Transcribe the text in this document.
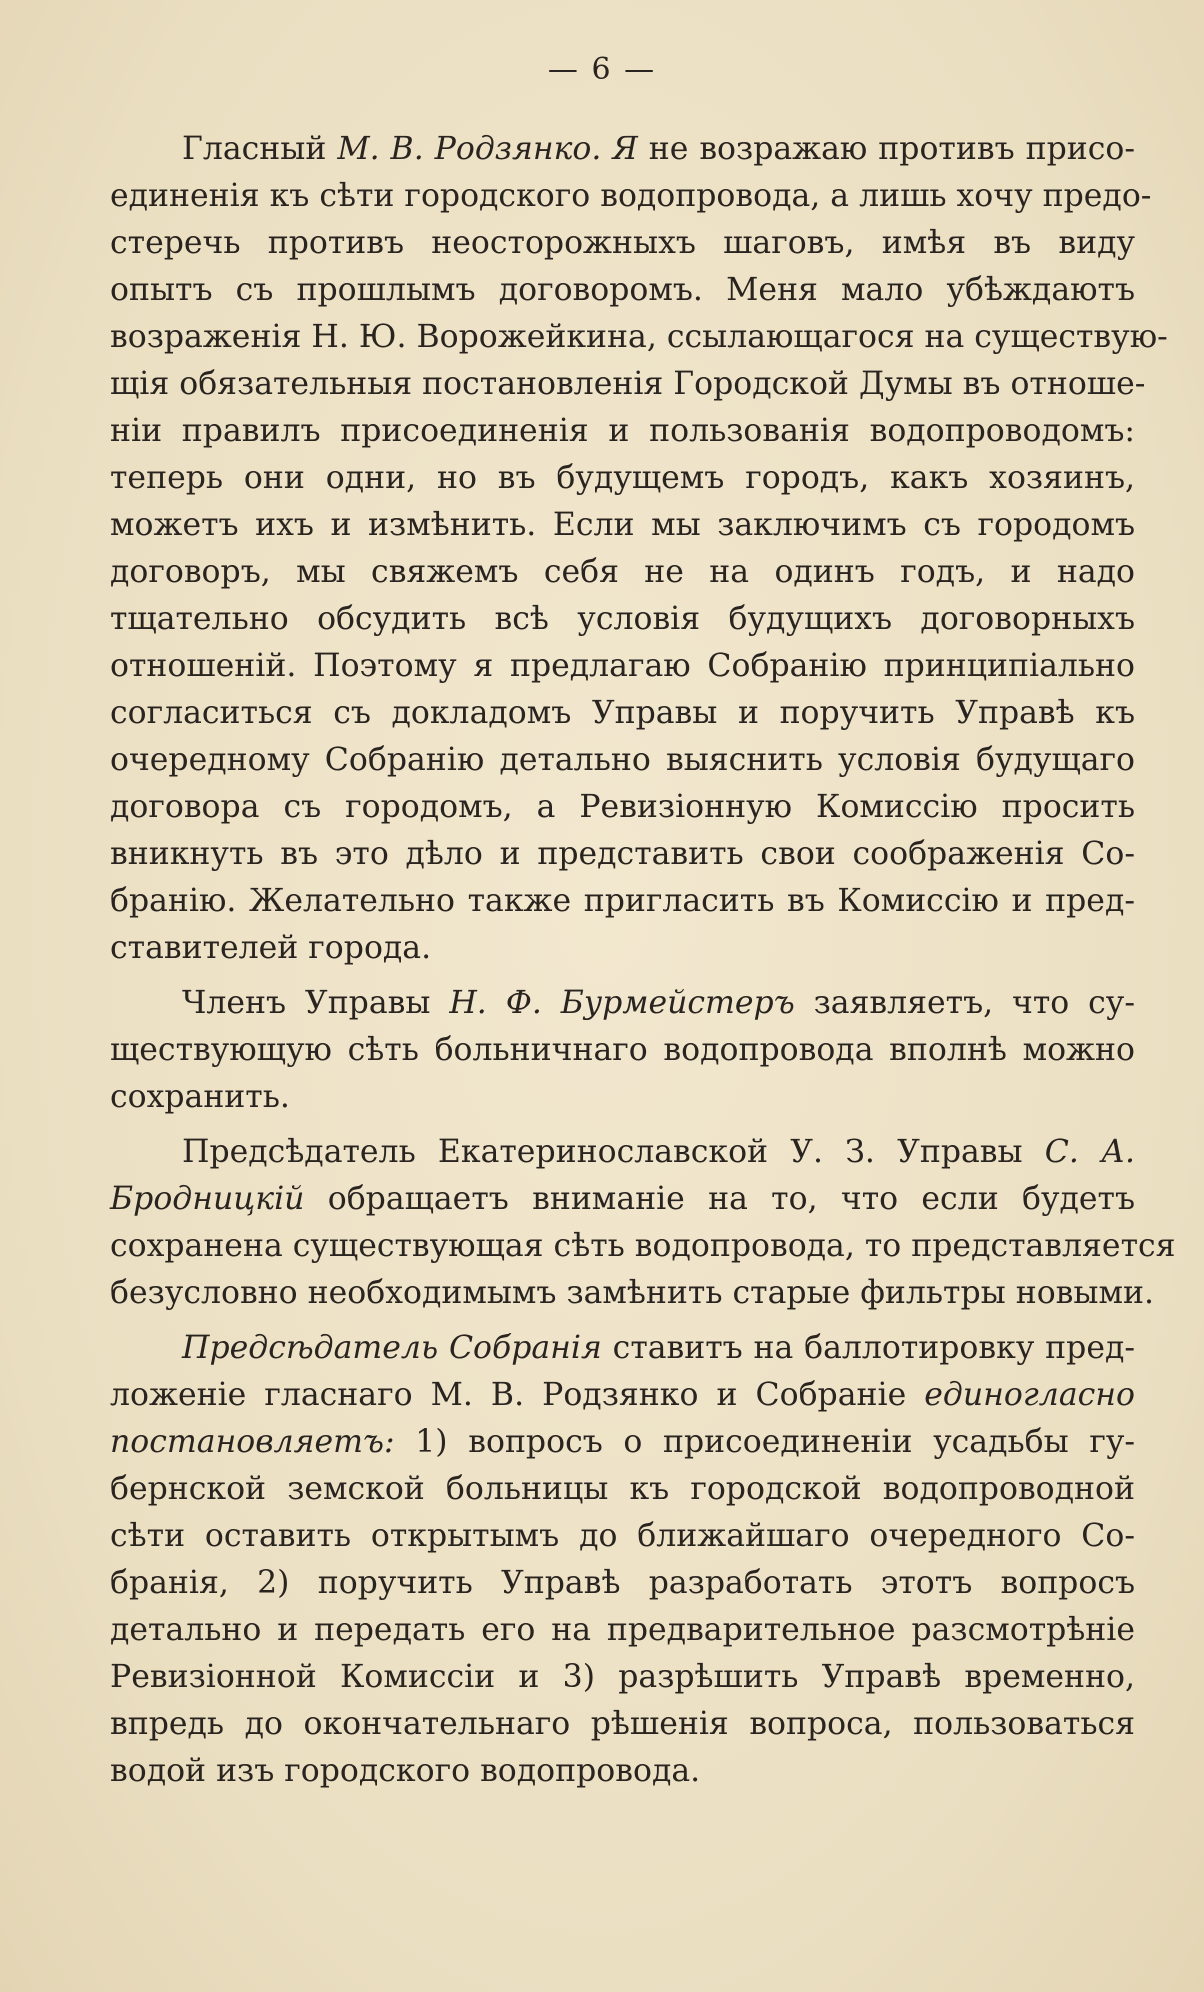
— 6 —
Гласный М. В. Родзянко. Я не возражаю противъ присо-
единенія къ сѣти городского водопровода, а лишь хочу предо-
стеречь противъ неосторожныхъ шаговъ, имѣя въ виду
опытъ съ прошлымъ договоромъ. Меня мало убѣждаютъ
возраженія Н. Ю. Ворожейкина, ссылающагося на существую-
щія обязательныя постановленія Городской Думы въ отноше-
ніи правилъ присоединенія и пользованія водопроводомъ:
теперь они одни, но въ будущемъ городъ, какъ хозяинъ,
можетъ ихъ и измѣнить. Если мы заключимъ съ городомъ
договоръ, мы свяжемъ себя не на одинъ годъ, и надо
тщательно обсудить всѣ условія будущихъ договорныхъ
отношеній. Поэтому я предлагаю Собранію принципіально
согласиться съ докладомъ Управы и поручить Управѣ къ
очередному Собранію детально выяснить условія будущаго
договора съ городомъ, а Ревизіонную Комиссію просить
вникнуть въ это дѣло и представить свои соображенія Со-
бранію. Желательно также пригласить въ Комиссію и пред-
ставителей города.
Членъ Управы Н. Ф. Бурмейстеръ заявляетъ, что су-
ществующую сѣть больничнаго водопровода вполнѣ можно
сохранить.
Предсѣдатель Екатеринославской У. З. Управы С. А.
Бродницкій обращаетъ вниманіе на то, что если будетъ
сохранена существующая сѣть водопровода, то представляется
безусловно необходимымъ замѣнить старые фильтры новыми.
Предсѣдатель Собранія ставитъ на баллотировку пред-
ложеніе гласнаго М. В. Родзянко и Собраніе единогласно
постановляетъ: 1) вопросъ о присоединеніи усадьбы гу-
бернской земской больницы къ городской водопроводной
сѣти оставить открытымъ до ближайшаго очередного Со-
бранія, 2) поручить Управѣ разработать этотъ вопросъ
детально и передать его на предварительное разсмотрѣніе
Ревизіонной Комиссіи и 3) разрѣшить Управѣ временно,
впредь до окончательнаго рѣшенія вопроса, пользоваться
водой изъ городского водопровода.
